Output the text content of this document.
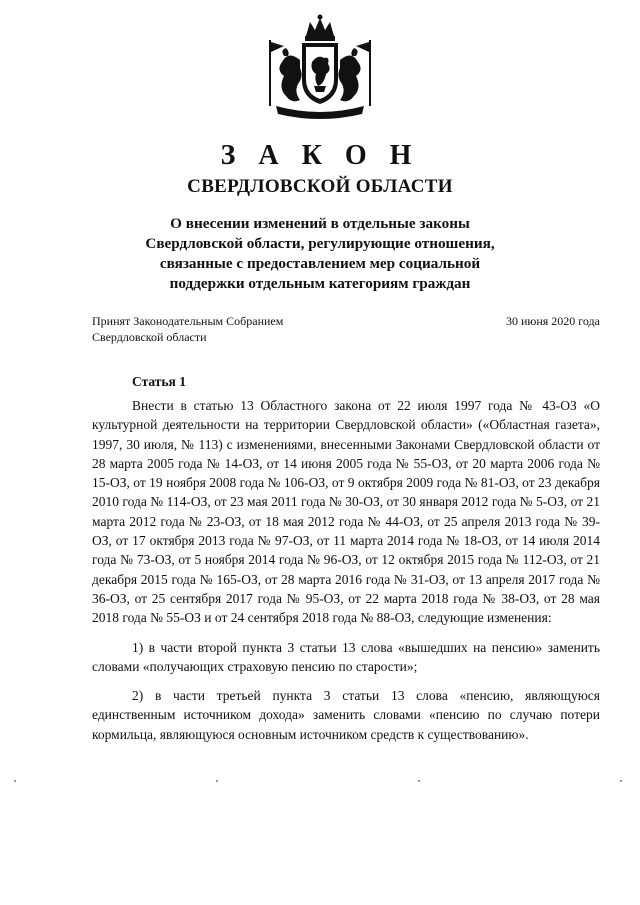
З А К О Н
СВЕРДЛОВСКОЙ ОБЛАСТИ
О внесении изменений в отдельные законы
Свердловской области, регулирующие отношения,
связанные с предоставлением мер социальной
поддержки отдельным категориям граждан
Принят Законодательным Собранием
Свердловской области
30 июня 2020 года
Статья 1

Внести в статью 13 Областного закона от 22 июля 1997 года № 43-ОЗ «О культурной деятельности на территории Свердловской области» («Областная газета», 1997, 30 июля, № 113) с изменениями, внесенными Законами Свердловской области от 28 марта 2005 года № 14-ОЗ, от 14 июня 2005 года № 55-ОЗ, от 20 марта 2006 года № 15-ОЗ, от 19 ноября 2008 года № 106-ОЗ, от 9 октября 2009 года № 81-ОЗ, от 23 декабря 2010 года № 114-ОЗ, от 23 мая 2011 года № 30-ОЗ, от 30 января 2012 года № 5-ОЗ, от 21 марта 2012 года № 23-ОЗ, от 18 мая 2012 года № 44-ОЗ, от 25 апреля 2013 года № 39-ОЗ, от 17 октября 2013 года № 97-ОЗ, от 11 марта 2014 года № 18-ОЗ, от 14 июля 2014 года № 73-ОЗ, от 5 ноября 2014 года № 96-ОЗ, от 12 октября 2015 года № 112-ОЗ, от 21 декабря 2015 года № 165-ОЗ, от 28 марта 2016 года № 31-ОЗ, от 13 апреля 2017 года № 36-ОЗ, от 25 сентября 2017 года № 95-ОЗ, от 22 марта 2018 года № 38-ОЗ, от 28 мая 2018 года № 55-ОЗ и от 24 сентября 2018 года № 88-ОЗ, следующие изменения:

1) в части второй пункта 3 статьи 13 слова «вышедших на пенсию» заменить словами «получающих страховую пенсию по старости»;

2) в части третьей пункта 3 статьи 13 слова «пенсию, являющуюся единственным источником дохода» заменить словами «пенсию по случаю потери кормильца, являющуюся основным источником средств к существованию».
